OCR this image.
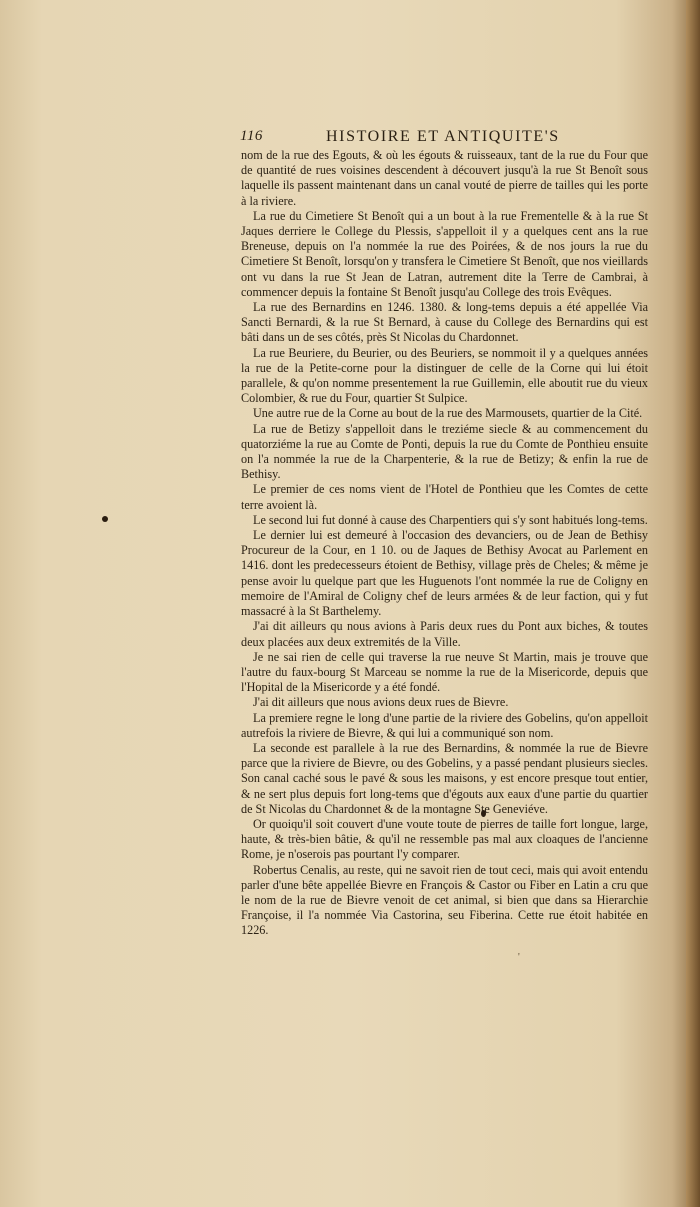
116	HISTOIRE ET ANTIQUITE'S

nom de la rue des Egouts, & où les égouts & ruisseaux, tant de la rue du Four que de quantité de rues voisines descendent à découvert jusqu'à la rue St Benoît sous laquelle ils passent maintenant dans un canal vouté de pierre de tailles qui les porte à la riviere.

La rue du Cimetiere St Benoît qui a un bout à la rue Frementelle & à la rue St Jaques derriere le College du Plessis, s'appelloit il y a quelques cent ans la rue Breneuse, depuis on l'a nommée la rue des Poirées, & de nos jours la rue du Cimetiere St Benoît, lorsqu'on y transfera le Cimetiere St Benoît, que nos vieillards ont vu dans la rue St Jean de Latran, autrement dite la Terre de Cambrai, à commencer depuis la fontaine St Benoît jusqu'au College des trois Evêques.

La rue des Bernardins en 1246. 1380. & long-tems depuis a été appellée Via Sancti Bernardi, & la rue St Bernard, à cause du College des Bernardins qui est bâti dans un de ses côtés, près St Nicolas du Chardonnet.

La rue Beuriere, du Beurier, ou des Beuriers, se nommoit il y a quelques années la rue de la Petite-corne pour la distinguer de celle de la Corne qui lui étoit parallele, & qu'on nomme presentement la rue Guillemin, elle aboutit rue du vieux Colombier, & rue du Four, quartier St Sulpice.

Une autre rue de la Corne au bout de la rue des Marmousets, quartier de la Cité.

La rue de Betizy s'appelloit dans le treziéme siecle & au commencement du quatorziéme la rue au Comte de Ponti, depuis la rue du Comte de Ponthieu ensuite on l'a nommée la rue de la Charpenterie, & la rue de Betizy; & enfin la rue de Bethisy.

Le premier de ces noms vient de l'Hotel de Ponthieu que les Comtes de cette terre avoient là.

Le second lui fut donné à cause des Charpentiers qui s'y sont habitués long-tems.

Le dernier lui est demeuré à l'occasion des devanciers, ou de Jean de Bethisy Procureur de la Cour, en 1 10. ou de Jaques de Bethisy Avocat au Parlement en 1416. dont les predecesseurs étoient de Bethisy, village près de Cheles; & même je pense avoir lu quelque part que les Huguenots l'ont nommée la rue de Coligny en memoire de l'Amiral de Coligny chef de leurs armées & de leur faction, qui y fut massacré à la St Barthelemy.

J'ai dit ailleurs qu nous avions à Paris deux rues du Pont aux biches, & toutes deux placées aux deux extremités de la Ville.

Je ne sai rien de celle qui traverse la rue neuve St Martin, mais je trouve que l'autre du faux-bourg St Marceau se nomme la rue de la Misericorde, depuis que l'Hopital de la Misericorde y a été fondé.

J'ai dit ailleurs que nous avions deux rues de Bievre.

La premiere regne le long d'une partie de la riviere des Gobelins, qu'on appelloit autrefois la riviere de Bievre, & qui lui a communiqué son nom.

La seconde est parallele à la rue des Bernardins, & nommée la rue de Bievre parce que la riviere de Bievre, ou des Gobelins, y a passé pendant plusieurs siecles. Son canal caché sous le pavé & sous les maisons, y est encore presque tout entier, & ne sert plus depuis fort long-tems que d'égouts aux eaux d'une partie du quartier de St Nicolas du Chardonnet & de la montagne Ste Geneviéve.

Or quoiqu'il soit couvert d'une voute toute de pierres de taille fort longue, large, haute, & très-bien bâtie, & qu'il ne ressemble pas mal aux cloaques de l'ancienne Rome, je n'oserois pas pourtant l'y comparer.

Robertus Cenalis, au reste, qui ne savoit rien de tout ceci, mais qui avoit entendu parler d'une bête appellée Bievre en François & Castor ou Fiber en Latin a cru que le nom de la rue de Bievre venoit de cet animal, si bien que dans sa Hierarchie Françoise, il l'a nommée Via Castorina, seu Fiberina. Cette rue étoit habitée en 1226.

'
